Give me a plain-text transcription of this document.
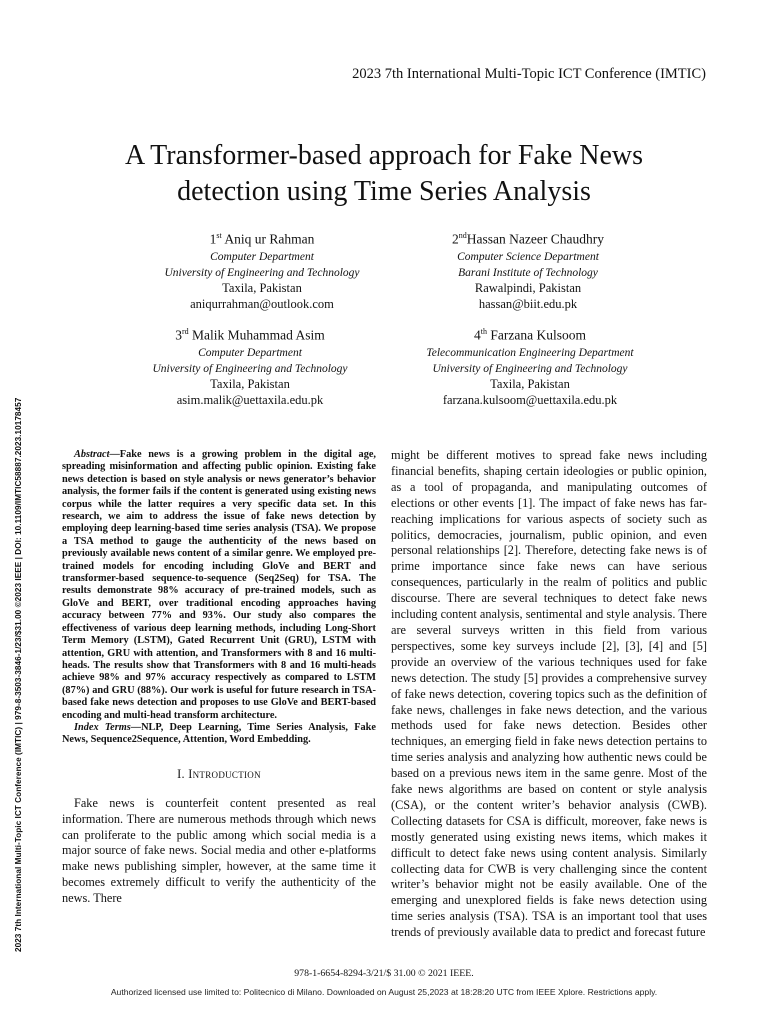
2023 7th International Multi-Topic ICT Conference (IMTIC)
A Transformer-based approach for Fake News
detection using Time Series Analysis
1st Aniq ur Rahman
Computer Department
University of Engineering and Technology
Taxila, Pakistan
aniqurrahman@outlook.com
2ndHassan Nazeer Chaudhry
Computer Science Department
Barani Institute of Technology
Rawalpindi, Pakistan
hassan@biit.edu.pk
3rd Malik Muhammad Asim
Computer Department
University of Engineering and Technology
Taxila, Pakistan
asim.malik@uettaxila.edu.pk
4th Farzana Kulsoom
Telecommunication Engineering Department
University of Engineering and Technology
Taxila, Pakistan
farzana.kulsoom@uettaxila.edu.pk
2023 7th International Multi-Topic ICT Conference (IMTIC) | 979-8-3503-3846-1/23/$31.00 ©2023 IEEE | DOI: 10.1109/IMTIC58887.2023.10178457	Abstract—Fake news is a growing problem in the digital age, spreading misinformation and affecting public opinion. Existing fake news detection is based on style analysis or news generator’s behavior analysis, the former fails if the content is generated using existing news corpus while the latter requires a very specific data set. In this research, we aim to address the issue of fake news detection by employing deep learning-based time series analysis (TSA). We propose a TSA method to gauge the authenticity of the news based on previously available news content of a similar genre. We employed pre-trained models for encoding including GloVe and BERT and transformer-based sequence-to-sequence (Seq2Seq) for TSA. The results demonstrate 98% accuracy of pre-trained models, such as GloVe and BERT, over traditional encoding approaches having accuracy between 77% and 93%. Our study also compares the effectiveness of various deep learning methods, including Long-Short Term Memory (LSTM), Gated Recurrent Unit (GRU), LSTM with attention, GRU with attention, and Transformers with 8 and 16 multi-heads. The results show that Transformers with 8 and 16 multi-heads achieve 98% and 97% accuracy respectively as compared to LSTM (87%) and GRU (88%). Our work is useful for future research in TSA-based fake news detection and proposes to use GloVe and BERT-based encoding and multi-head transform architecture.

Index Terms—NLP, Deep Learning, Time Series Analysis, Fake News, Sequence2Sequence, Attention, Word Embedding.

I. Introduction

Fake news is counterfeit content presented as real information. There are numerous methods through which news can proliferate to the public among which social media is a major source of fake news. Social media and other e-platforms make news publishing simpler, however, at the same time it becomes extremely difficult to verify the authenticity of the news. There

might be different motives to spread fake news including financial benefits, shaping certain ideologies or public opinion, as a tool of propaganda, and manipulating outcomes of elections or other events [1]. The impact of fake news has far-reaching implications for various aspects of society such as politics, democracies, journalism, public opinion, and even personal relationships [2]. Therefore, detecting fake news is of prime importance since fake news can have serious consequences, particularly in the realm of politics and public discourse. There are several techniques to detect fake news including content analysis, sentimental and style analysis. There are several surveys written in this field from various perspectives, some key surveys include [2], [3], [4] and [5] provide an overview of the various techniques used for fake news detection. The study [5] provides a comprehensive survey of fake news detection, covering topics such as the definition of fake news, challenges in fake news detection, and the various methods used for fake news detection. Besides other techniques, an emerging field in fake news detection pertains to time series analysis and analyzing how authentic news could be based on a previous news item in the same genre. Most of the fake news algorithms are based on content or style analysis (CSA), or the content writer’s behavior analysis (CWB). Collecting datasets for CSA is difficult, moreover, fake news is mostly generated using existing news items, which makes it difficult to detect fake news using content analysis. Similarly collecting data for CWB is very challenging since the content writer’s behavior might not be easily available. One of the emerging and unexplored fields is fake news detection using time series analysis (TSA). TSA is an important tool that uses trends of previously available data to predict and forecast future

978-1-6654-8294-3/21/$ 31.00 © 2021 IEEE.
Authorized licensed use limited to: Politecnico di Milano. Downloaded on August 25,2023 at 18:28:20 UTC from IEEE Xplore. Restrictions apply.
